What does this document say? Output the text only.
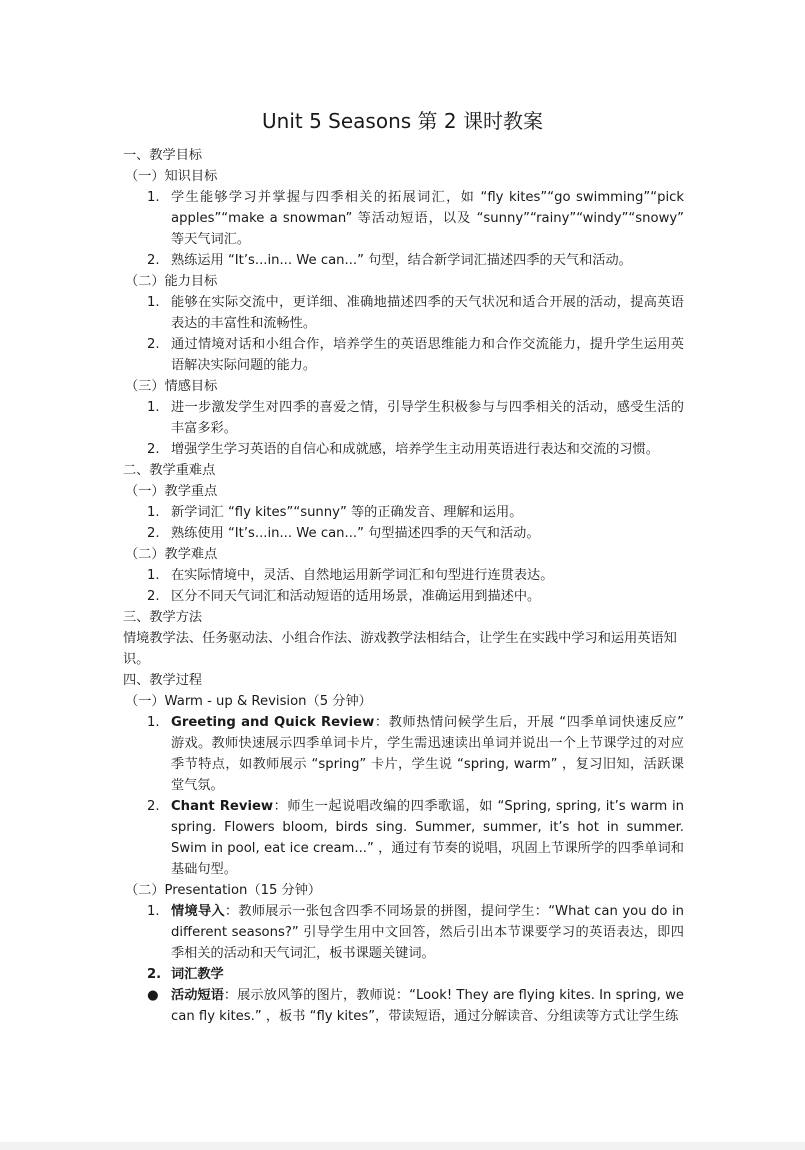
Unit 5 Seasons 第 2 课时教案

一、教学目标

（一）知识目标

1. 学生能够学习并掌握与四季相关的拓展词汇，如 “fly kites”“go swimming”“pick apples”“make a snowman” 等活动短语，以及 “sunny”“rainy”“windy”“snowy” 等天气词汇。
2. 熟练运用 “It’s...in... We can...” 句型，结合新学词汇描述四季的天气和活动。

（二）能力目标

1. 能够在实际交流中，更详细、准确地描述四季的天气状况和适合开展的活动，提高英语表达的丰富性和流畅性。
2. 通过情境对话和小组合作，培养学生的英语思维能力和合作交流能力，提升学生运用英语解决实际问题的能力。

（三）情感目标

1. 进一步激发学生对四季的喜爱之情，引导学生积极参与与四季相关的活动，感受生活的丰富多彩。
2. 增强学生学习英语的自信心和成就感，培养学生主动用英语进行表达和交流的习惯。

二、教学重难点

（一）教学重点

1. 新学词汇 “fly kites”“sunny” 等的正确发音、理解和运用。
2. 熟练使用 “It’s...in... We can...” 句型描述四季的天气和活动。

（二）教学难点

1. 在实际情境中，灵活、自然地运用新学词汇和句型进行连贯表达。
2. 区分不同天气词汇和活动短语的适用场景，准确运用到描述中。

三、教学方法

情境教学法、任务驱动法、小组合作法、游戏教学法相结合，让学生在实践中学习和运用英语知识。

四、教学过程

（一）Warm - up & Revision（5 分钟）

1. Greeting and Quick Review：教师热情问候学生后，开展 “四季单词快速反应” 游戏。教师快速展示四季单词卡片，学生需迅速读出单词并说出一个上节课学过的对应季节特点，如教师展示 “spring” 卡片，学生说 “spring, warm” ，复习旧知，活跃课堂气氛。
2. Chant Review：师生一起说唱改编的四季歌谣，如 “Spring, spring, it’s warm in spring. Flowers bloom, birds sing. Summer, summer, it’s hot in summer. Swim in pool, eat ice cream...” ，通过有节奏的说唱，巩固上节课所学的四季单词和基础句型。

（二）Presentation（15 分钟）

1. 情境导入：教师展示一张包含四季不同场景的拼图，提问学生：“What can you do in different seasons?” 引导学生用中文回答，然后引出本节课要学习的英语表达，即四季相关的活动和天气词汇，板书课题关键词。
2. 词汇教学
● 活动短语：展示放风筝的图片，教师说：“Look! They are flying kites. In spring, we can fly kites.” ，板书 “fly kites”，带读短语，通过分解读音、分组读等方式让学生练
